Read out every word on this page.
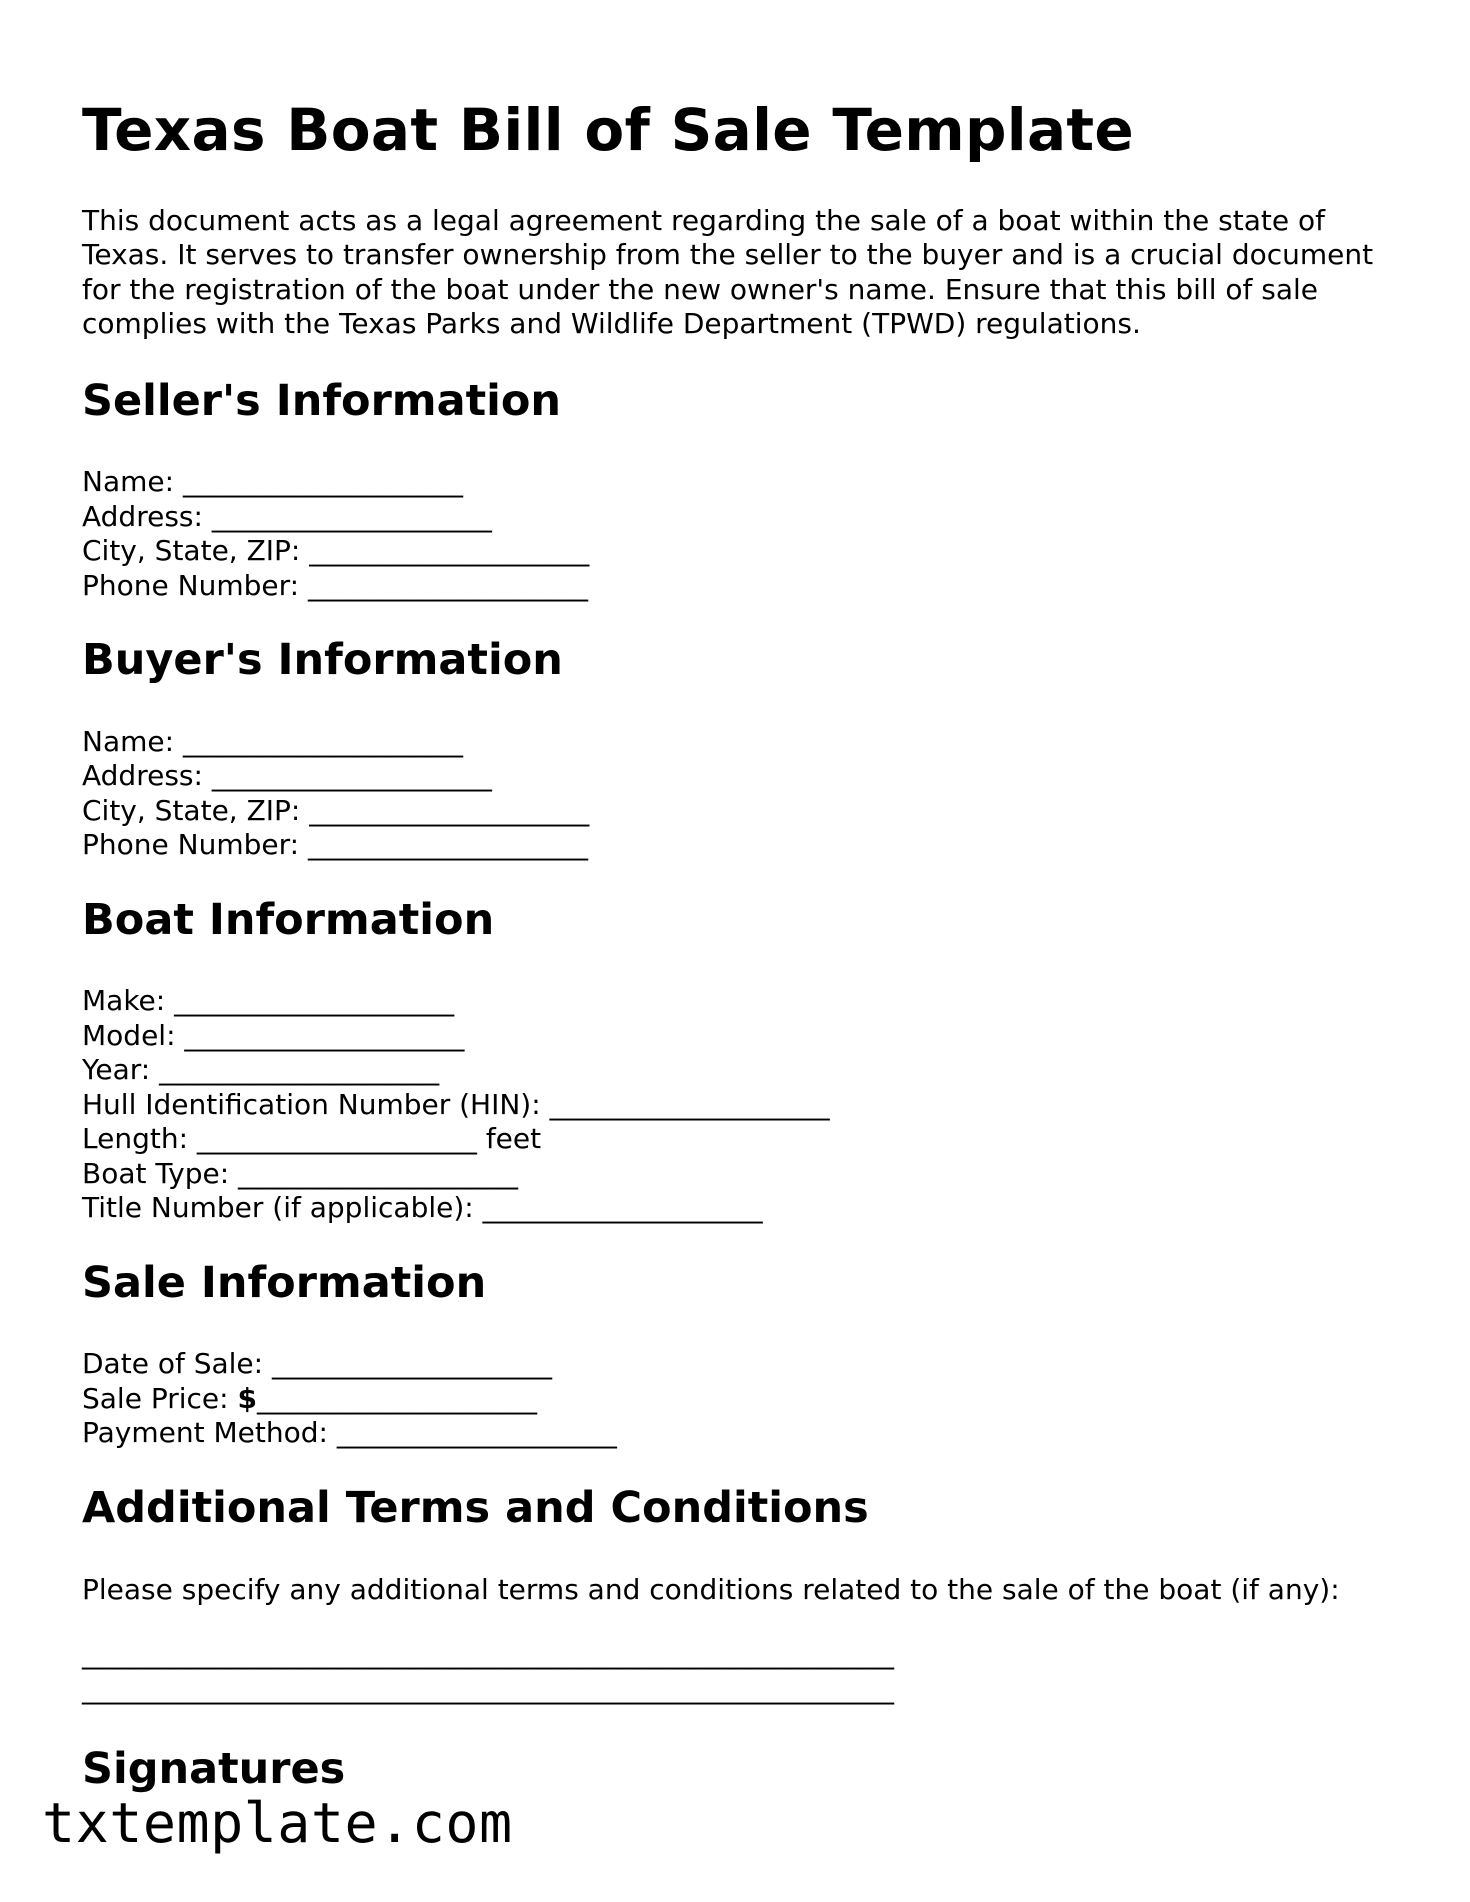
Texas Boat Bill of Sale Template

This document acts as a legal agreement regarding the sale of a boat within the state of Texas. It serves to transfer ownership from the seller to the buyer and is a crucial document for the registration of the boat under the new owner's name. Ensure that this bill of sale complies with the Texas Parks and Wildlife Department (TPWD) regulations.

Seller's Information
Name: ____________________
Address: ____________________
City, State, ZIP: ____________________
Phone Number: ____________________
Buyer's Information
Name: ____________________
Address: ____________________
City, State, ZIP: ____________________
Phone Number: ____________________
Boat Information
Make: ____________________
Model: ____________________
Year: ____________________
Hull Identification Number (HIN): ____________________
Length: ____________________ feet
Boat Type: ____________________
Title Number (if applicable): ____________________
Sale Information
Date of Sale: ____________________
Sale Price: $____________________
Payment Method: ____________________
Additional Terms and Conditions

Please specify any additional terms and conditions related to the sale of the boat (if any):

__________________________________________________________
__________________________________________________________
Signatures
txtemplate.com
